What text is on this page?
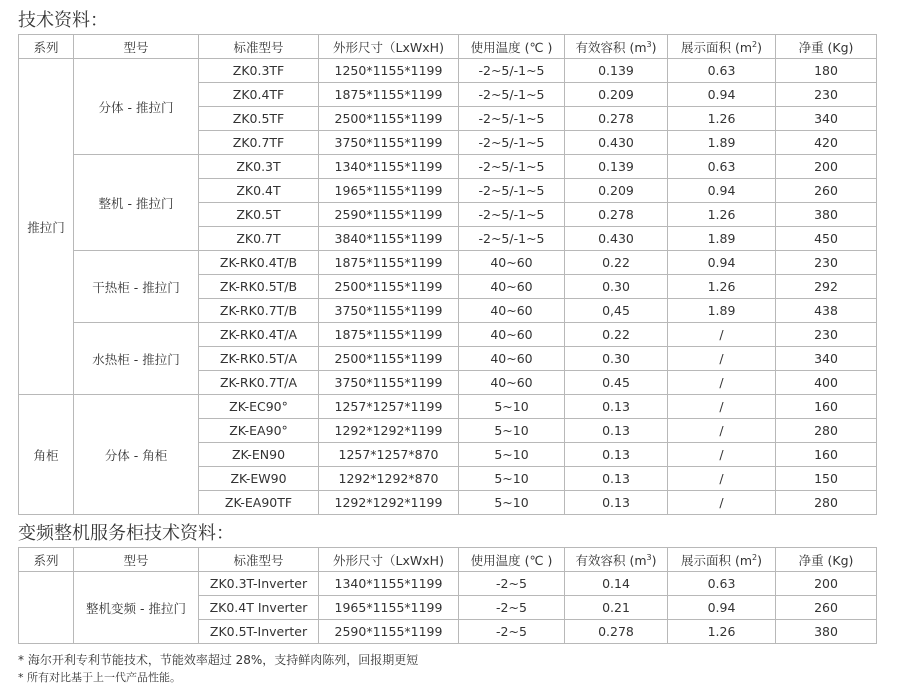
技术资料：
系列	型号	标准型号	外形尺寸（LxWxH)	使用温度 (℃ )	有效容积 $(m^3)$	展示面积 $(m^2)$	净重 (Kg)
推拉门	分体 - 推拉门	ZK0.3TF	1250*1155*1199	-2~5/-1~5	0.139	0.63	180
		ZK0.4TF	1875*1155*1199	-2~5/-1~5	0.209	0.94	230
		ZK0.5TF	2500*1155*1199	-2~5/-1~5	0.278	1.26	340
		ZK0.7TF	3750*1155*1199	-2~5/-1~5	0.430	1.89	420
	整机 - 推拉门	ZK0.3T	1340*1155*1199	-2~5/-1~5	0.139	0.63	200
		ZK0.4T	1965*1155*1199	-2~5/-1~5	0.209	0.94	260
		ZK0.5T	2590*1155*1199	-2~5/-1~5	0.278	1.26	380
		ZK0.7T	3840*1155*1199	-2~5/-1~5	0.430	1.89	450
	干热柜 - 推拉门	ZK-RK0.4T/B	1875*1155*1199	40~60	0.22	0.94	230
		ZK-RK0.5T/B	2500*1155*1199	40~60	0.30	1.26	292
		ZK-RK0.7T/B	3750*1155*1199	40~60	0,45	1.89	438
	水热柜 - 推拉门	ZK-RK0.4T/A	1875*1155*1199	40~60	0.22	/	230
		ZK-RK0.5T/A	2500*1155*1199	40~60	0.30	/	340
		ZK-RK0.7T/A	3750*1155*1199	40~60	0.45	/	400
角柜	分体 - 角柜	ZK-EC90°	1257*1257*1199	5~10	0.13	/	160
		ZK-EA90°	1292*1292*1199	5~10	0.13	/	280
		ZK-EN90	1257*1257*870	5~10	0.13	/	160
		ZK-EW90	1292*1292*870	5~10	0.13	/	150
		ZK-EA90TF	1292*1292*1199	5~10	0.13	/	280
变频整机服务柜技术资料：
系列	型号	标准型号	外形尺寸（LxWxH)	使用温度 (℃ )	有效容积 $(m^3)$	展示面积 $(m^2)$	净重 (Kg)
	整机变频 - 推拉门	ZK0.3T-Inverter	1340*1155*1199	-2~5	0.14	0.63	200
		ZK0.4T Inverter	1965*1155*1199	-2~5	0.21	0.94	260
		ZK0.5T-Inverter	2590*1155*1199	-2~5	0.278	1.26	380
* 海尔开利专利节能技术，节能效率超过 28%，支持鲜肉陈列，回报期更短
* 所有对比基于上一代产品性能。
